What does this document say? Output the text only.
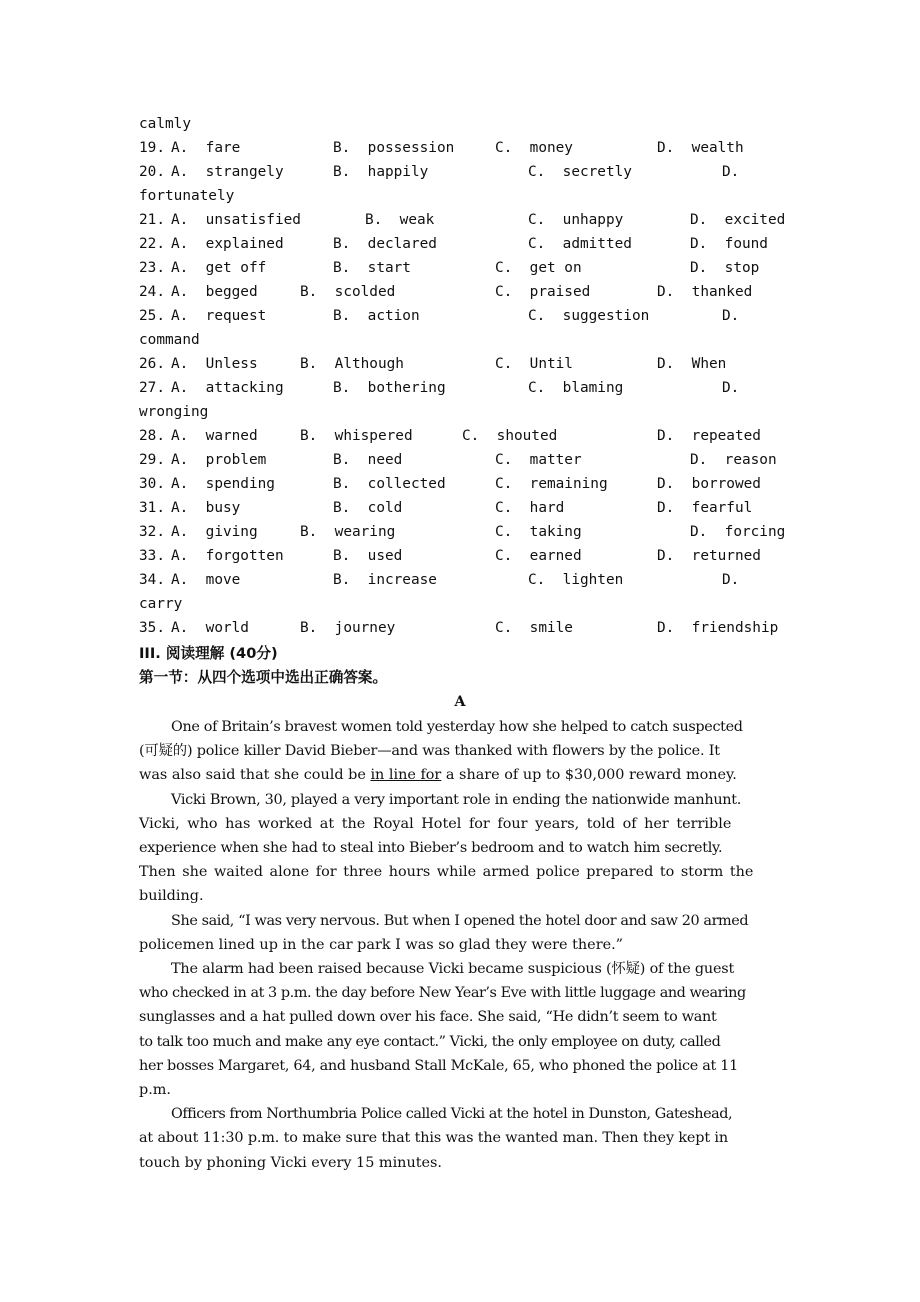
calmly
19. A.  fare	B.  possession	C.  money	D.  wealth
20. A.  strangely	B.  happily	C.  secretly	D.
fortunately
21. A.  unsatisfied	B.  weak	C.  unhappy	D.  excited
22. A.  explained	B.  declared	C.  admitted	D.  found
23. A.  get off	B.  start	C.  get on	D.  stop
24. A.  begged	B.  scolded	C.  praised	D.  thanked
25. A.  request	B.  action	C.  suggestion	D.
command
26. A.  Unless	B.  Although	C.  Until	D.  When
27. A.  attacking	B.  bothering	C.  blaming	D.
wronging
28. A.  warned	B.  whispered	C.  shouted	D.  repeated
29. A.  problem	B.  need	C.  matter	D.  reason
30. A.  spending	B.  collected	C.  remaining	D.  borrowed
31. A.  busy	B.  cold	C.  hard	D.  fearful
32. A.  giving	B.  wearing	C.  taking	D.  forcing
33. A.  forgotten	B.  used	C.  earned	D.  returned
34. A.  move	B.  increase	C.  lighten	D.
carry
35. A.  world	B.  journey	C.  smile	D.  friendship
III. 阅读理解 (40分)
第一节：从四个选项中选出正确答案。
A
One of Britain’s bravest women told yesterday how she helped to catch suspected
(可疑的) police killer David Bieber—and was thanked with flowers by the police. It
was also said that she could be in line for a share of up to $30,000 reward money.
Vicki Brown, 30, played a very important role in ending the nationwide manhunt.
Vicki, who has worked at the Royal Hotel for four years, told of her terrible
experience when she had to steal into Bieber’s bedroom and to watch him secretly.
Then she waited alone for three hours while armed police prepared to storm the
building.
She said, “I was very nervous. But when I opened the hotel door and saw 20 armed
policemen lined up in the car park I was so glad they were there.”
The alarm had been raised because Vicki became suspicious (怀疑) of the guest
who checked in at 3 p.m. the day before New Year’s Eve with little luggage and wearing
sunglasses and a hat pulled down over his face. She said, “He didn’t seem to want
to talk too much and make any eye contact.” Vicki, the only employee on duty, called
her bosses Margaret, 64, and husband Stall McKale, 65, who phoned the police at 11
p.m.
Officers from Northumbria Police called Vicki at the hotel in Dunston, Gateshead,
at about 11:30 p.m. to make sure that this was the wanted man. Then they kept in
touch by phoning Vicki every 15 minutes.
